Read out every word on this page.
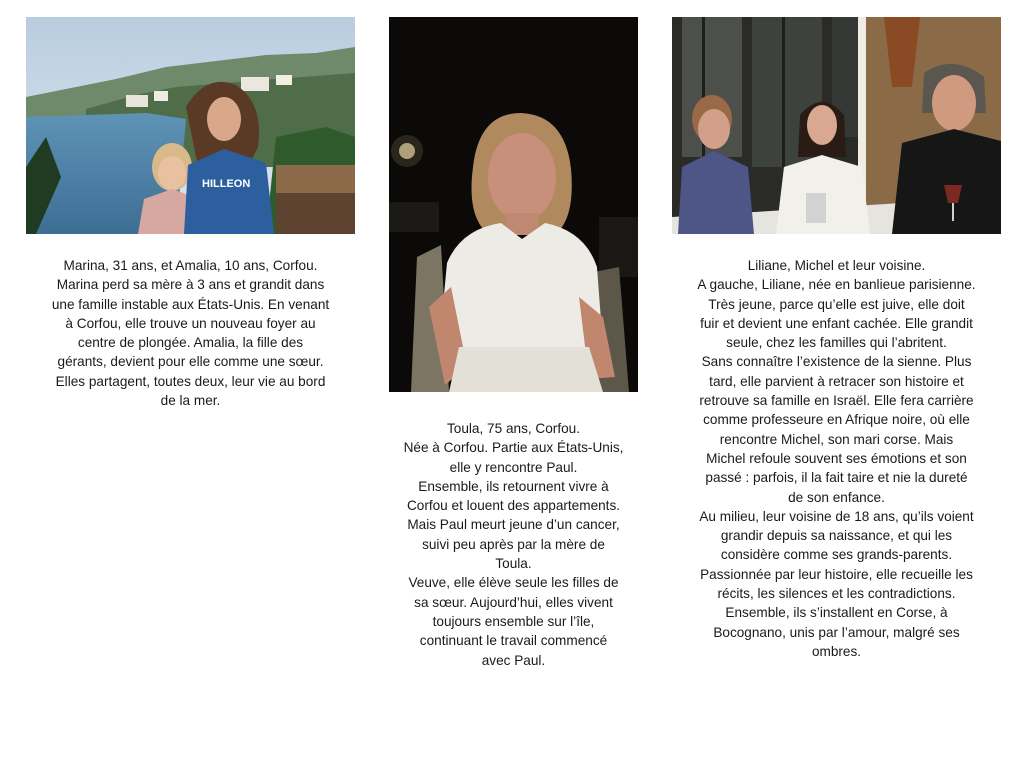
HILLEON
Marina, 31 ans, et Amalia, 10 ans, Corfou.
Marina perd sa mère à 3 ans et grandit dans
une famille instable aux États-Unis. En venant
à Corfou, elle trouve un nouveau foyer au
centre de plongée. Amalia, la fille des
gérants, devient pour elle comme une sœur.
Elles partagent, toutes deux, leur vie au bord
de la mer.
Toula, 75 ans, Corfou.
Née à Corfou. Partie aux États-Unis,
elle y rencontre Paul.
Ensemble, ils retournent vivre à
Corfou et louent des appartements.
Mais Paul meurt jeune d’un cancer,
suivi peu après par la mère de
Toula.
Veuve, elle élève seule les filles de
sa sœur. Aujourd’hui, elles vivent
toujours ensemble sur l’île,
continuant le travail commencé
avec Paul.
Liliane, Michel et leur voisine.
A gauche, Liliane, née en banlieue parisienne.
Très jeune, parce qu’elle est juive, elle doit
fuir et devient une enfant cachée. Elle grandit
seule, chez les familles qui l’abritent.
Sans connaître l’existence de la sienne. Plus
tard, elle parvient à retracer son histoire et
retrouve sa famille en Israël. Elle fera carrière
comme professeure en Afrique noire, où elle
rencontre Michel, son mari corse. Mais
Michel refoule souvent ses émotions et son
passé : parfois, il la fait taire et nie la dureté
de son enfance.
Au milieu, leur voisine de 18 ans, qu’ils voient
grandir depuis sa naissance, et qui les
considère comme ses grands-parents.
Passionnée par leur histoire, elle recueille les
récits, les silences et les contradictions.
Ensemble, ils s’installent en Corse, à
Bocognano, unis par l’amour, malgré ses
ombres.
